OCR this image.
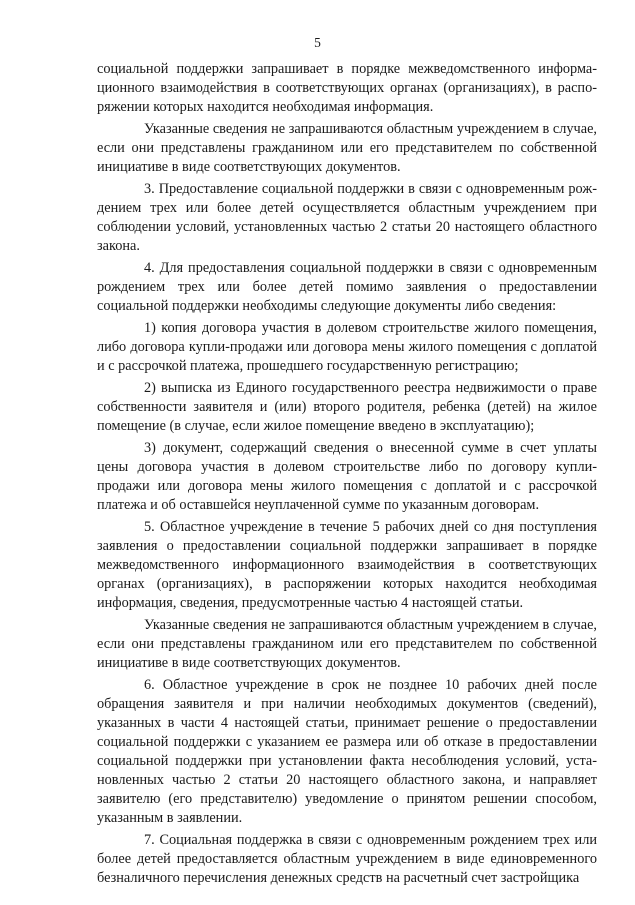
5

социальной поддержки запрашивает в порядке межведомственного информационного взаимодействия в соответствующих органах (организациях), в распоряжении которых находится необходимая информация.

Указанные сведения не запрашиваются областным учреждением в случае, если они представлены гражданином или его представителем по собственной инициативе в виде соответствующих документов.

3. Предоставление социальной поддержки в связи с одновременным рождением трех или более детей осуществляется областным учреждением при соблюдении условий, установленных частью 2 статьи 20 настоящего областного закона.

4. Для предоставления социальной поддержки в связи с одновременным рождением трех или более детей помимо заявления о предоставлении социальной поддержки необходимы следующие документы либо сведения:

1) копия договора участия в долевом строительстве жилого помещения, либо договора купли-продажи или договора мены жилого помещения с доплатой и с рассрочкой платежа, прошедшего государственную регистрацию;

2) выписка из Единого государственного реестра недвижимости о праве собственности заявителя и (или) второго родителя, ребенка (детей) на жилое помещение (в случае, если жилое помещение введено в эксплуатацию);

3) документ, содержащий сведения о внесенной сумме в счет уплаты цены договора участия в долевом строительстве либо по договору купли-продажи или договора мены жилого помещения с доплатой и с рассрочкой платежа и об оставшейся неуплаченной сумме по указанным договорам.

5. Областное учреждение в течение 5 рабочих дней со дня поступления заявления о предоставлении социальной поддержки запрашивает в порядке межведомственного информационного взаимодействия в соответствующих органах (организациях), в распоряжении которых находится необходимая информация, сведения, предусмотренные частью 4 настоящей статьи.

Указанные сведения не запрашиваются областным учреждением в случае, если они представлены гражданином или его представителем по собственной инициативе в виде соответствующих документов.

6. Областное учреждение в срок не позднее 10 рабочих дней после обращения заявителя и при наличии необходимых документов (сведений), указанных в части 4 настоящей статьи, принимает решение о предоставлении социальной поддержки с указанием ее размера или об отказе в предоставлении социальной поддержки при установлении факта несоблюдения условий, установленных частью 2 статьи 20 настоящего областного закона, и направляет заявителю (его представителю) уведомление о принятом решении способом, указанным в заявлении.

7. Социальная поддержка в связи с одновременным рождением трех или более детей предоставляется областным учреждением в виде единовременного безналичного перечисления денежных средств на расчетный счет застройщика
